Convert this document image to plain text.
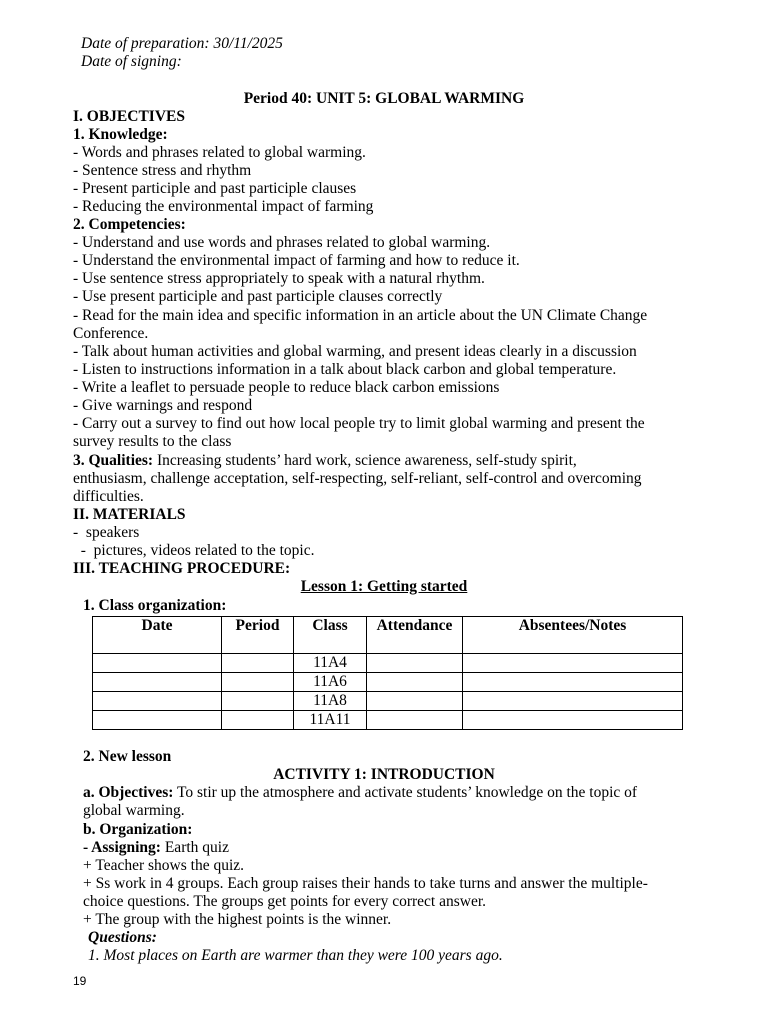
Date of preparation: 30/11/2025
Date of signing:
Period 40: UNIT 5: GLOBAL WARMING
I. OBJECTIVES
1. Knowledge:
- Words and phrases related to global warming.
- Sentence stress and rhythm
- Present participle and past participle clauses
- Reducing the environmental impact of farming
2. Competencies:
- Understand and use words and phrases related to global warming.
- Understand the environmental impact of farming and how to reduce it.
- Use sentence stress appropriately to speak with a natural rhythm.
- Use present participle and past participle clauses correctly
- Read for the main idea and specific information in an article about the UN Climate Change
Conference.
- Talk about human activities and global warming, and present ideas clearly in a discussion
- Listen to instructions information in a talk about black carbon and global temperature.
- Write a leaflet to persuade people to reduce black carbon emissions
- Give warnings and respond
- Carry out a survey to find out how local people try to limit global warming and present the
survey results to the class
3. Qualities: Increasing students’ hard work, science awareness, self-study spirit,
enthusiasm, challenge acceptation, self-respecting, self-reliant, self-control and overcoming
difficulties.
II. MATERIALS
-  speakers
-  pictures, videos related to the topic.
III. TEACHING PROCEDURE:
Lesson 1: Getting started
1. Class organization:
Date	Period	Class	Attendance	Absentees/Notes
		11A4		
		11A6		
		11A8		
		11A11		
2. New lesson
ACTIVITY 1: INTRODUCTION
a. Objectives: To stir up the atmosphere and activate students’ knowledge on the topic of
global warming.
b. Organization:
- Assigning: Earth quiz
+ Teacher shows the quiz.
+ Ss work in 4 groups. Each group raises their hands to take turns and answer the multiple-
choice questions. The groups get points for every correct answer.
+ The group with the highest points is the winner.
Questions:
1. Most places on Earth are warmer than they were 100 years ago.
19
